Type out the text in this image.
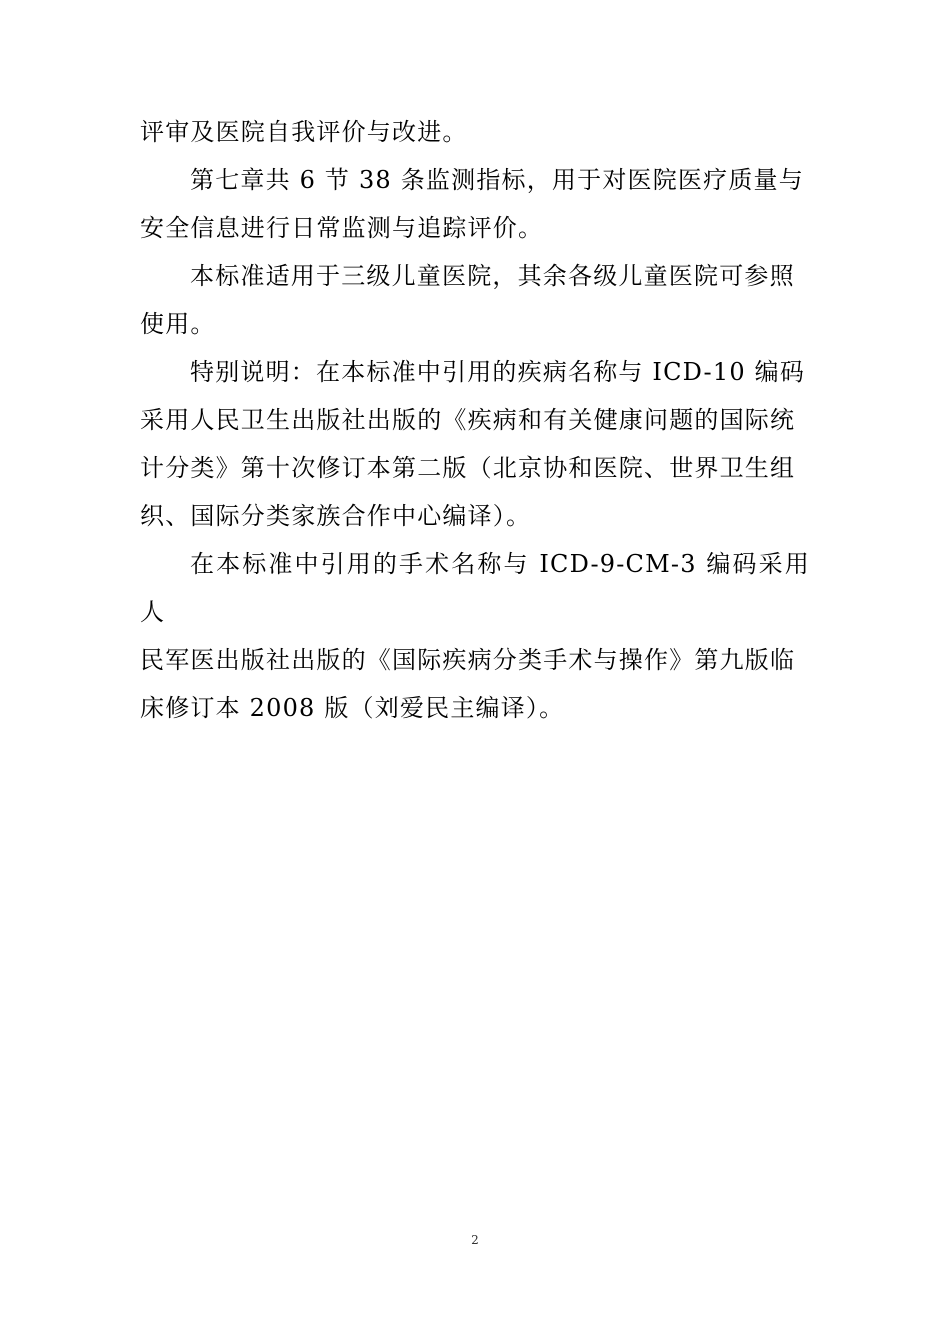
评审及医院自我评价与改进。

第七章共 6 节 38 条监测指标，用于对医院医疗质量与
安全信息进行日常监测与追踪评价。

本标准适用于三级儿童医院，其余各级儿童医院可参照
使用。

特别说明：在本标准中引用的疾病名称与 ICD-10 编码
采用人民卫生出版社出版的《疾病和有关健康问题的国际统
计分类》第十次修订本第二版（北京协和医院、世界卫生组
织、国际分类家族合作中心编译）。

在本标准中引用的手术名称与 ICD-9-CM-3 编码采用人
民军医出版社出版的《国际疾病分类手术与操作》第九版临
床修订本 2008 版（刘爱民主编译）。

2
